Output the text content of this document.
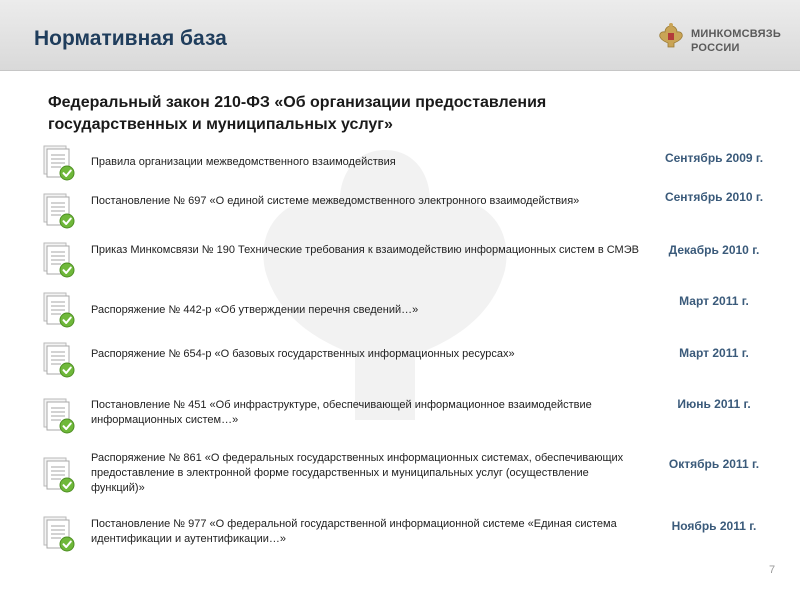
Нормативная база	МИНКОМСВЯЗЬ
РОССИИ
Федеральный закон 210-ФЗ «Об организации предоставления государственных и муниципальных услуг»
Правила организации межведомственного взаимодействия	Сентябрь 2009 г.
Постановление № 697 «О единой системе межведомственного электронного взаимодействия»	Сентябрь 2010 г.
Приказ Минкомсвязи № 190 Технические требования к взаимодействию информационных систем в СМЭВ	Декабрь 2010 г.
Распоряжение № 442-р «Об утверждении перечня сведений…»
Март 2011 г.
Распоряжение № 654-р «О базовых государственных информационных ресурсах»	Март 2011 г.
Постановление № 451 «Об инфраструктуре, обеспечивающей информационное взаимодействие информационных систем…»
Июнь 2011 г.
Распоряжение № 861 «О федеральных государственных информационных системах, обеспечивающих предоставление в электронной форме государственных и муниципальных услуг (осуществление функций)»
Октябрь 2011 г.
Постановление № 977 «О федеральной государственной информационной системе «Единая система идентификации и аутентификации…»
Ноябрь 2011 г.
7
